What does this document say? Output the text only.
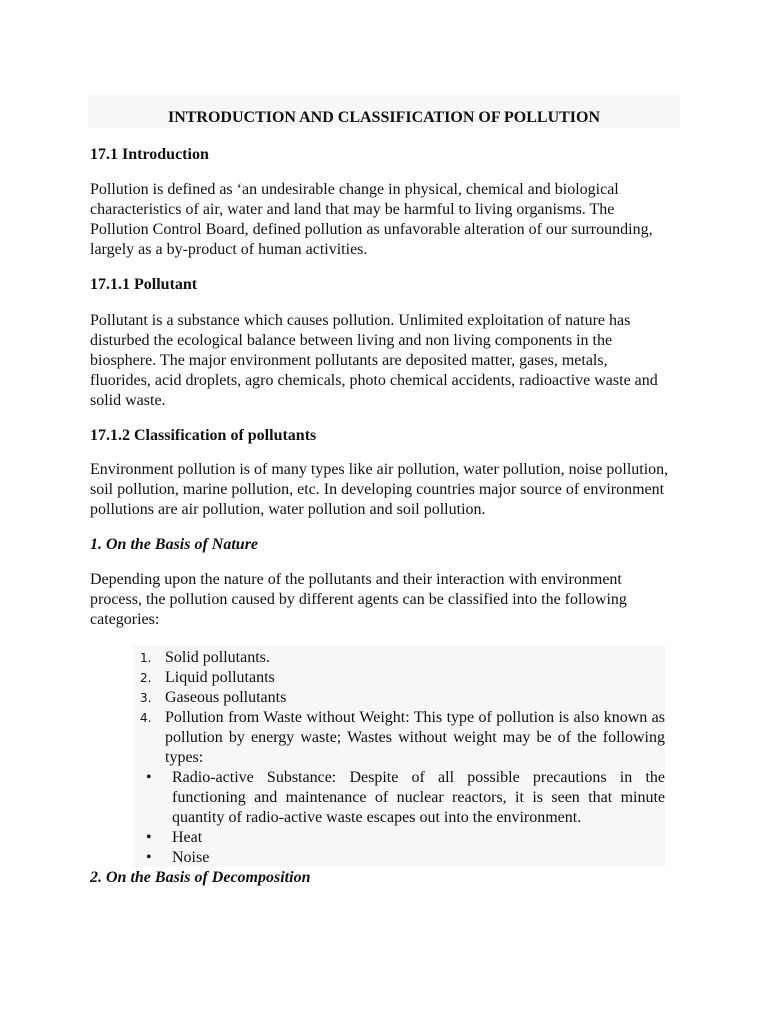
INTRODUCTION AND CLASSIFICATION OF POLLUTION
17.1 Introduction

Pollution is defined as ‘an undesirable change in physical, chemical and biological characteristics of air, water and land that may be harmful to living organisms. The Pollution Control Board, defined pollution as unfavorable alteration of our surrounding, largely as a by-product of human activities.

17.1.1 Pollutant

Pollutant is a substance which causes pollution. Unlimited exploitation of nature has disturbed the ecological balance between living and non living components in the biosphere. The major environment pollutants are deposited matter, gases, metals, fluorides, acid droplets, agro chemicals, photo chemical accidents, radioactive waste and solid waste.

17.1.2 Classification of pollutants

Environment pollution is of many types like air pollution, water pollution, noise pollution, soil pollution, marine pollution, etc. In developing countries major source of environment pollutions are air pollution, water pollution and soil pollution.

1. On the Basis of Nature

Depending upon the nature of the pollutants and their interaction with environment process, the pollution caused by different agents can be classified into the following categories:

1. Solid pollutants.
2. Liquid pollutants
3. Gaseous pollutants
4. Pollution from Waste without Weight: This type of pollution is also known as pollution by energy waste; Wastes without weight may be of the following types:
•	Radio-active Substance: Despite of all possible precautions in the functioning and maintenance of nuclear reactors, it is seen that minute quantity of radio-active waste escapes out into the environment.
•	Heat
•	Noise
2. On the Basis of Decomposition
